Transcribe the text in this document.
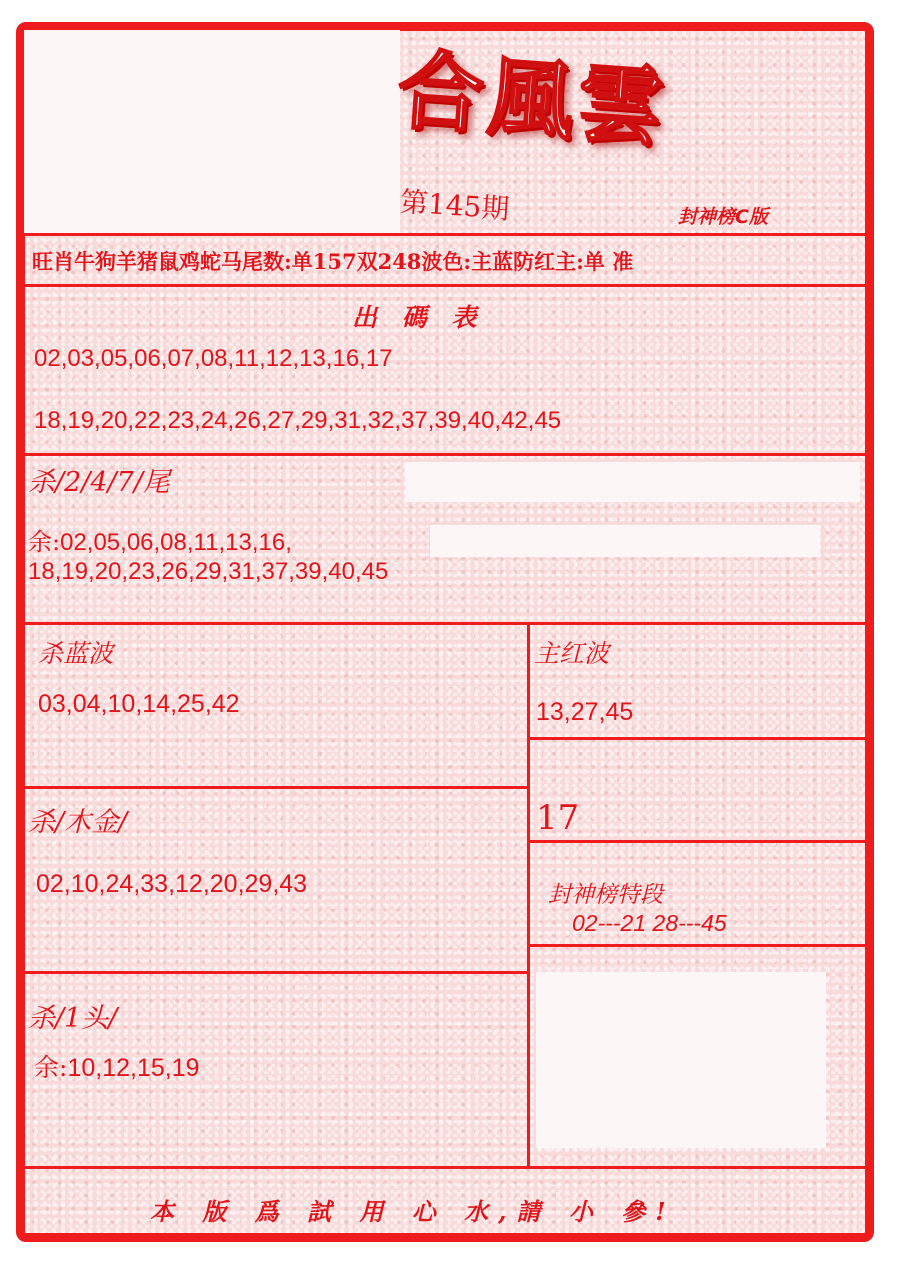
合風雲
第145期	封神榜C版
旺肖牛狗羊猪鼠鸡蛇马尾数:单157双248波色:主蓝防红主:单 准
出 碼 表
02,03,05,06,07,08,11,12,13,16,17
18,19,20,22,23,24,26,27,29,31,32,37,39,40,42,45
杀/2/4/7/尾
余:02,05,06,08,11,13,16,
18,19,20,23,26,29,31,37,39,40,45
杀蓝波
03,04,10,14,25,42
主红波
13,27,45
杀/木金/
02,10,24,33,12,20,29,43
17
封神榜特段
02---21 28---45
杀/1头/
余:10,12,15,19
本 版 爲 試 用 心 水,請 小 參!
